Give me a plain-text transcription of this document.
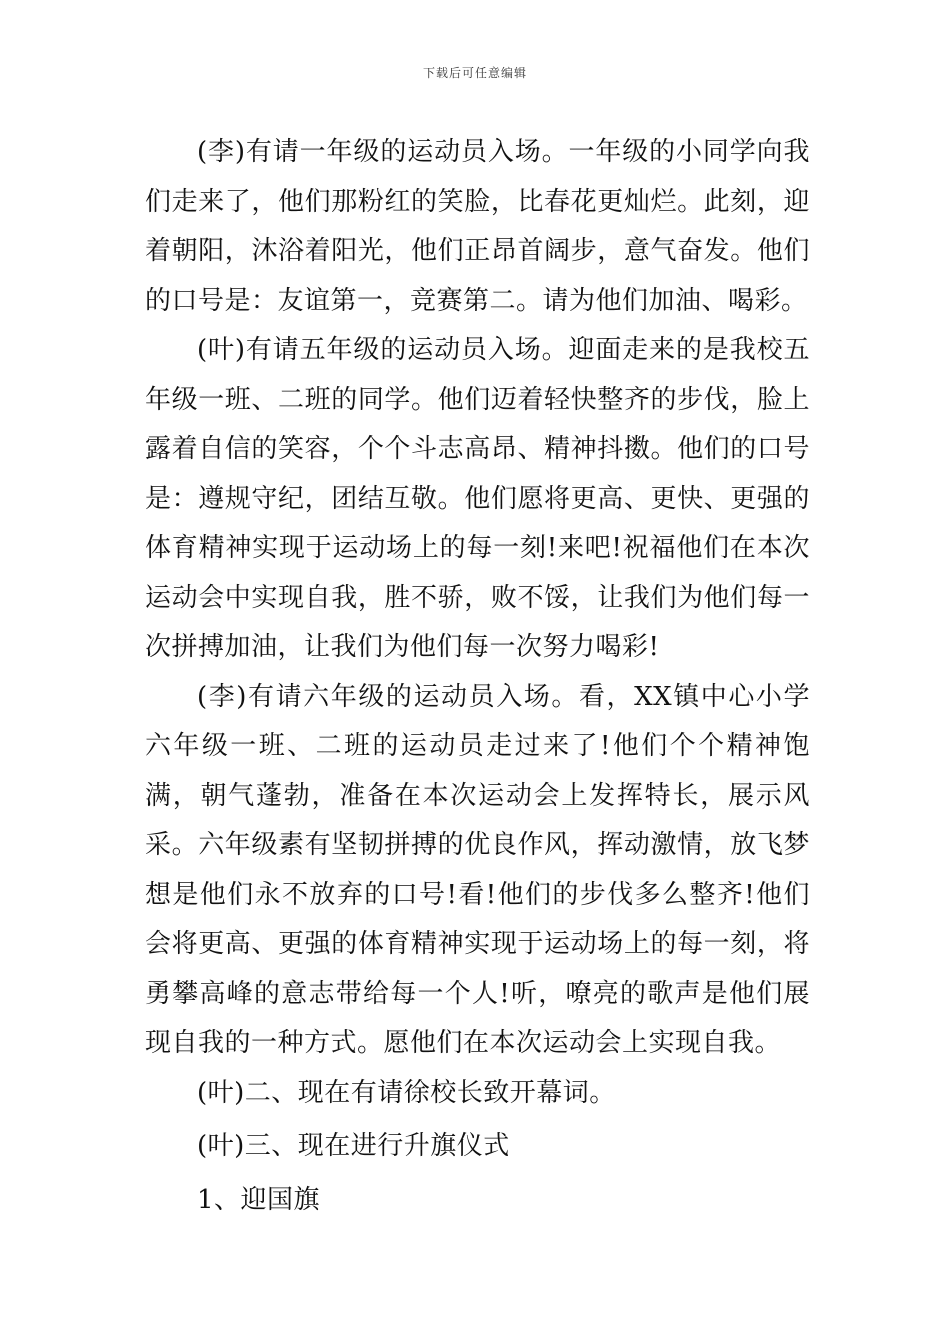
下载后可任意编辑

(李)有请一年级的运动员入场。一年级的小同学向我们走来了，他们那粉红的笑脸，比春花更灿烂。此刻，迎着朝阳，沐浴着阳光，他们正昂首阔步，意气奋发。他们的口号是：友谊第一，竞赛第二。请为他们加油、喝彩。

(叶)有请五年级的运动员入场。迎面走来的是我校五年级一班、二班的同学。他们迈着轻快整齐的步伐，脸上露着自信的笑容，个个斗志高昂、精神抖擞。他们的口号是：遵规守纪，团结互敬。他们愿将更高、更快、更强的体育精神实现于运动场上的每一刻!来吧!祝福他们在本次运动会中实现自我，胜不骄，败不馁，让我们为他们每一次拼搏加油，让我们为他们每一次努力喝彩!

(李)有请六年级的运动员入场。看，XX镇中心小学六年级一班、二班的运动员走过来了!他们个个精神饱满，朝气蓬勃，准备在本次运动会上发挥特长，展示风采。六年级素有坚韧拼搏的优良作风，挥动激情，放飞梦想是他们永不放弃的口号!看!他们的步伐多么整齐!他们会将更高、更强的体育精神实现于运动场上的每一刻，将勇攀高峰的意志带给每一个人!听，嘹亮的歌声是他们展现自我的一种方式。愿他们在本次运动会上实现自我。

(叶)二、现在有请徐校长致开幕词。

(叶)三、现在进行升旗仪式

1、迎国旗
